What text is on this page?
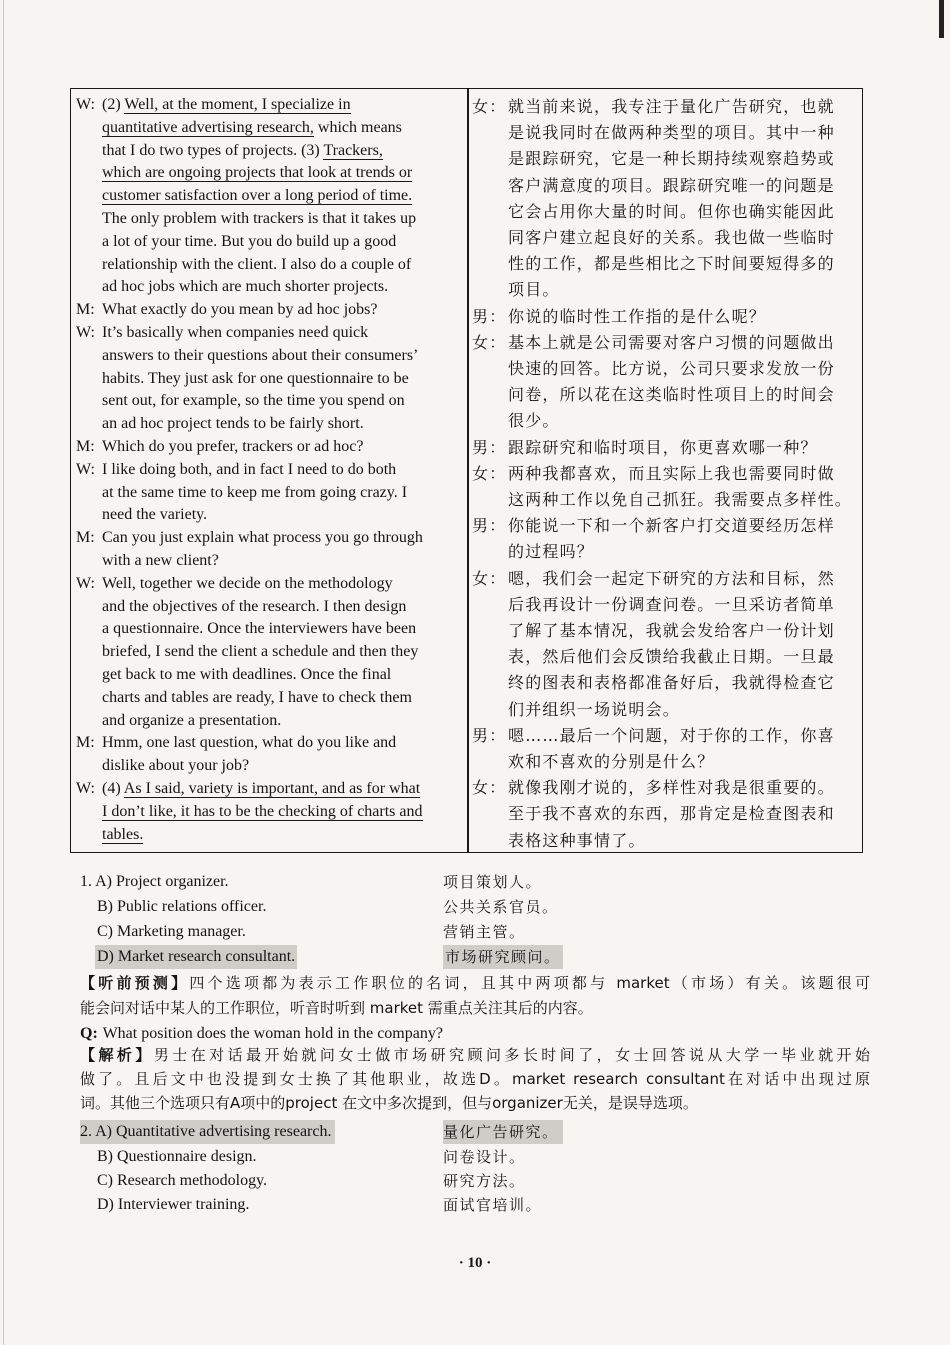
W: (2) Well, at the moment, I specialize in
quantitative advertising research, which means
that I do two types of projects. (3) Trackers,
which are ongoing projects that look at trends or
customer satisfaction over a long period of time.
The only problem with trackers is that it takes up
a lot of your time. But you do build up a good
relationship with the client. I also do a couple of
ad hoc jobs which are much shorter projects.
M: What exactly do you mean by ad hoc jobs?
W: It’s basically when companies need quick
answers to their questions about their consumers’
habits. They just ask for one questionnaire to be
sent out, for example, so the time you spend on
an ad hoc project tends to be fairly short.
M: Which do you prefer, trackers or ad hoc?
W: I like doing both, and in fact I need to do both
at the same time to keep me from going crazy. I
need the variety.
M: Can you just explain what process you go through
with a new client?
W: Well, together we decide on the methodology
and the objectives of the research. I then design
a questionnaire. Once the interviewers have been
briefed, I send the client a schedule and then they
get back to me with deadlines. Once the final
charts and tables are ready, I have to check them
and organize a presentation.
M: Hmm, one last question, what do you like and
dislike about your job?
W: (4) As I said, variety is important, and as for what
I don’t like, it has to be the checking of charts and
tables.
女：就当前来说，我专注于量化广告研究，也就
是说我同时在做两种类型的项目。其中一种
是跟踪研究，它是一种长期持续观察趋势或
客户满意度的项目。跟踪研究唯一的问题是
它会占用你大量的时间。但你也确实能因此
同客户建立起良好的关系。我也做一些临时
性的工作，都是些相比之下时间要短得多的
项目。
男：你说的临时性工作指的是什么呢？
女：基本上就是公司需要对客户习惯的问题做出
快速的回答。比方说，公司只要求发放一份
问卷，所以花在这类临时性项目上的时间会
很少。
男：跟踪研究和临时项目，你更喜欢哪一种？
女：两种我都喜欢，而且实际上我也需要同时做
这两种工作以免自己抓狂。我需要点多样性。
男：你能说一下和一个新客户打交道要经历怎样
的过程吗？
女：嗯，我们会一起定下研究的方法和目标，然
后我再设计一份调查问卷。一旦采访者简单
了解了基本情况，我就会发给客户一份计划
表，然后他们会反馈给我截止日期。一旦最
终的图表和表格都准备好后，我就得检查它
们并组织一场说明会。
男：嗯……最后一个问题，对于你的工作，你喜
欢和不喜欢的分别是什么？
女：就像我刚才说的，多样性对我是很重要的。
至于我不喜欢的东西，那肯定是检查图表和
表格这种事情了。
1. A) Project organizer.	项目策划人。
B) Public relations officer.	公共关系官员。
C) Marketing manager.	营销主管。
D) Market research consultant.	市场研究顾问。
【听前预测】四个选项都为表示工作职位的名词，且其中两项都与 market（市场）有关。该题很可
能会问对话中某人的工作职位，听音时听到 market 需重点关注其后的内容。
Q: What position does the woman hold in the company?
【解析】男士在对话最开始就问女士做市场研究顾问多长时间了，女士回答说从大学一毕业就开始
做了。且后文中也没提到女士换了其他职业，故选D。market research consultant在对话中出现过原
词。其他三个选项只有A项中的project 在文中多次提到，但与organizer无关，是误导选项。
2. A) Quantitative advertising research.	量化广告研究。
B) Questionnaire design.	问卷设计。
C) Research methodology.	研究方法。
D) Interviewer training.	面试官培训。
· 10 ·
